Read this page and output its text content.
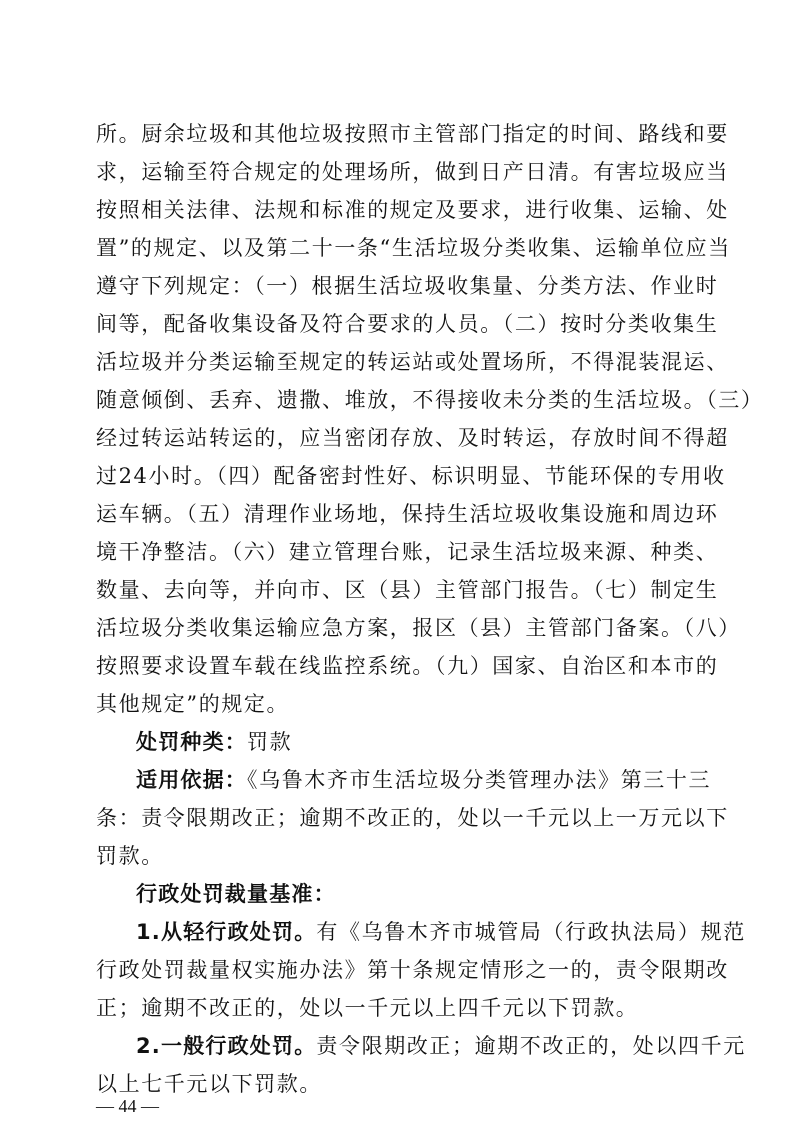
所。厨余垃圾和其他垃圾按照市主管部门指定的时间、路线和要
求，运输至符合规定的处理场所，做到日产日清。有害垃圾应当
按照相关法律、法规和标准的规定及要求，进行收集、运输、处
置”的规定、以及第二十一条“生活垃圾分类收集、运输单位应当
遵守下列规定：（一）根据生活垃圾收集量、分类方法、作业时
间等，配备收集设备及符合要求的人员。（二）按时分类收集生
活垃圾并分类运输至规定的转运站或处置场所，不得混装混运、
随意倾倒、丢弃、遗撒、堆放，不得接收未分类的生活垃圾。（三）
经过转运站转运的，应当密闭存放、及时转运，存放时间不得超
过24小时。（四）配备密封性好、标识明显、节能环保的专用收
运车辆。（五）清理作业场地，保持生活垃圾收集设施和周边环
境干净整洁。（六）建立管理台账，记录生活垃圾来源、种类、
数量、去向等，并向市、区（县）主管部门报告。（七）制定生
活垃圾分类收集运输应急方案，报区（县）主管部门备案。（八）
按照要求设置车载在线监控系统。（九）国家、自治区和本市的
其他规定”的规定。
处罚种类：罚款
适用依据：《乌鲁木齐市生活垃圾分类管理办法》第三十三
条：责令限期改正；逾期不改正的，处以一千元以上一万元以下
罚款。
行政处罚裁量基准：
1.从轻行政处罚。有《乌鲁木齐市城管局（行政执法局）规范
行政处罚裁量权实施办法》第十条规定情形之一的，责令限期改
正；逾期不改正的，处以一千元以上四千元以下罚款。
2.一般行政处罚。责令限期改正；逾期不改正的，处以四千元
以上七千元以下罚款。
— 44 —
